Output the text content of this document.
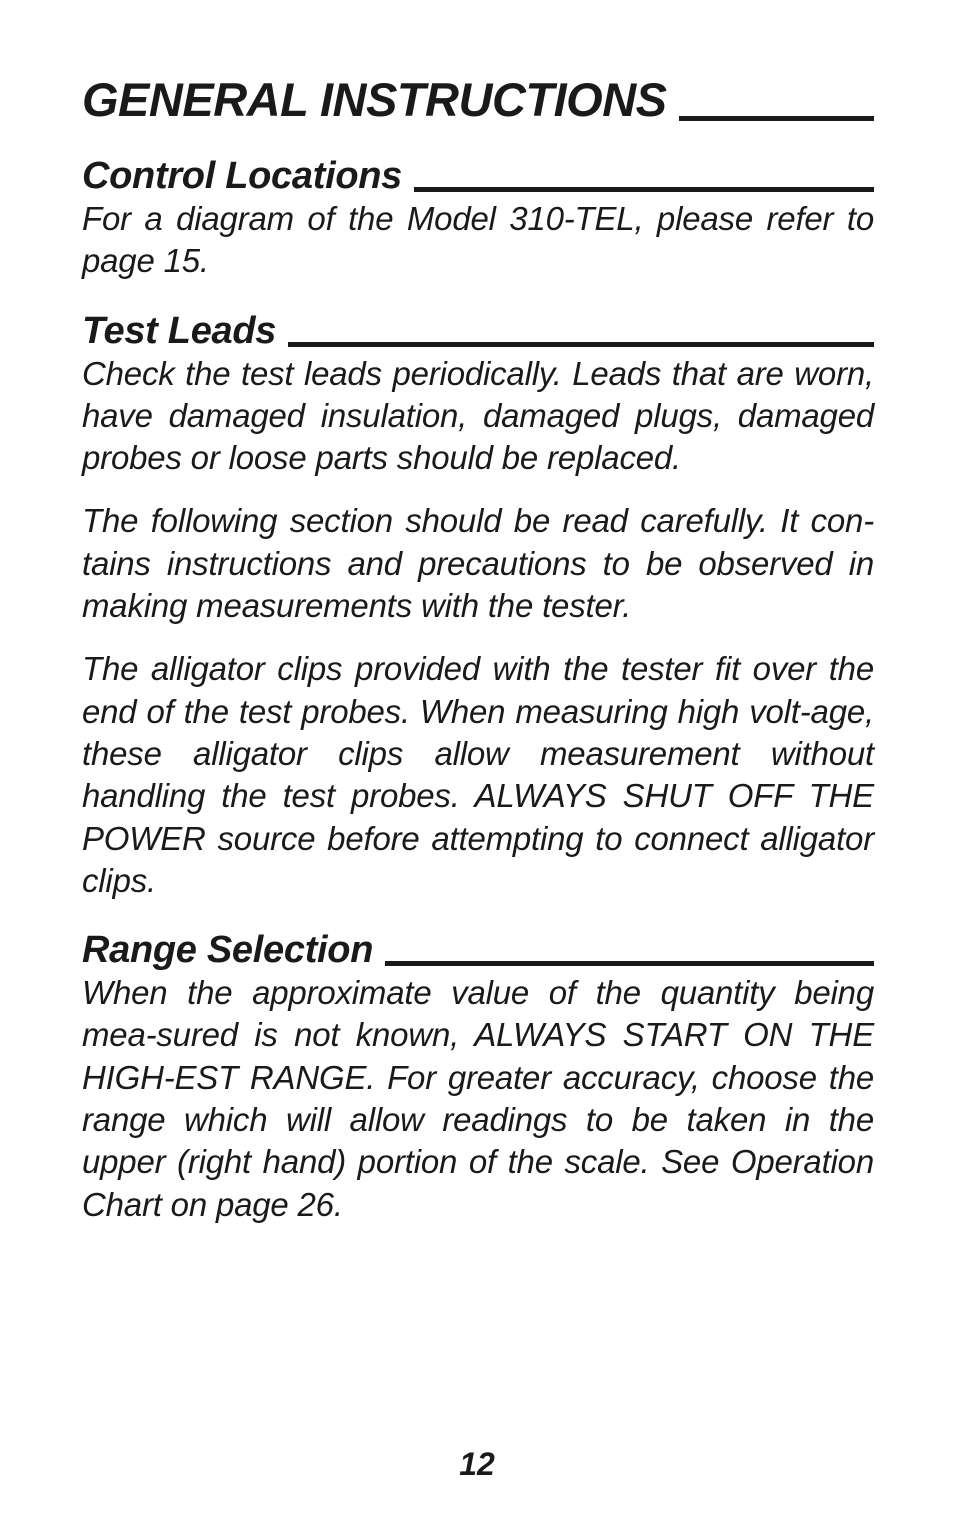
GENERAL INSTRUCTIONS
Control Locations

For a diagram of the Model 310-TEL, please refer to page 15.

Test Leads

Check the test leads periodically. Leads that are worn, have damaged insulation, damaged plugs, damaged probes or loose parts should be replaced.

The following section should be read carefully. It con-tains instructions and precautions to be observed in making measurements with the tester.

The alligator clips provided with the tester fit over the end of the test probes. When measuring high volt-age, these alligator clips allow measurement without handling the test probes. ALWAYS SHUT OFF THE POWER source before attempting to connect alligator clips.

Range Selection

When the approximate value of the quantity being mea-sured is not known, ALWAYS START ON THE HIGH-EST RANGE. For greater accuracy, choose the range which will allow readings to be taken in the upper (right hand) portion of the scale. See Operation Chart on page 26.

12
